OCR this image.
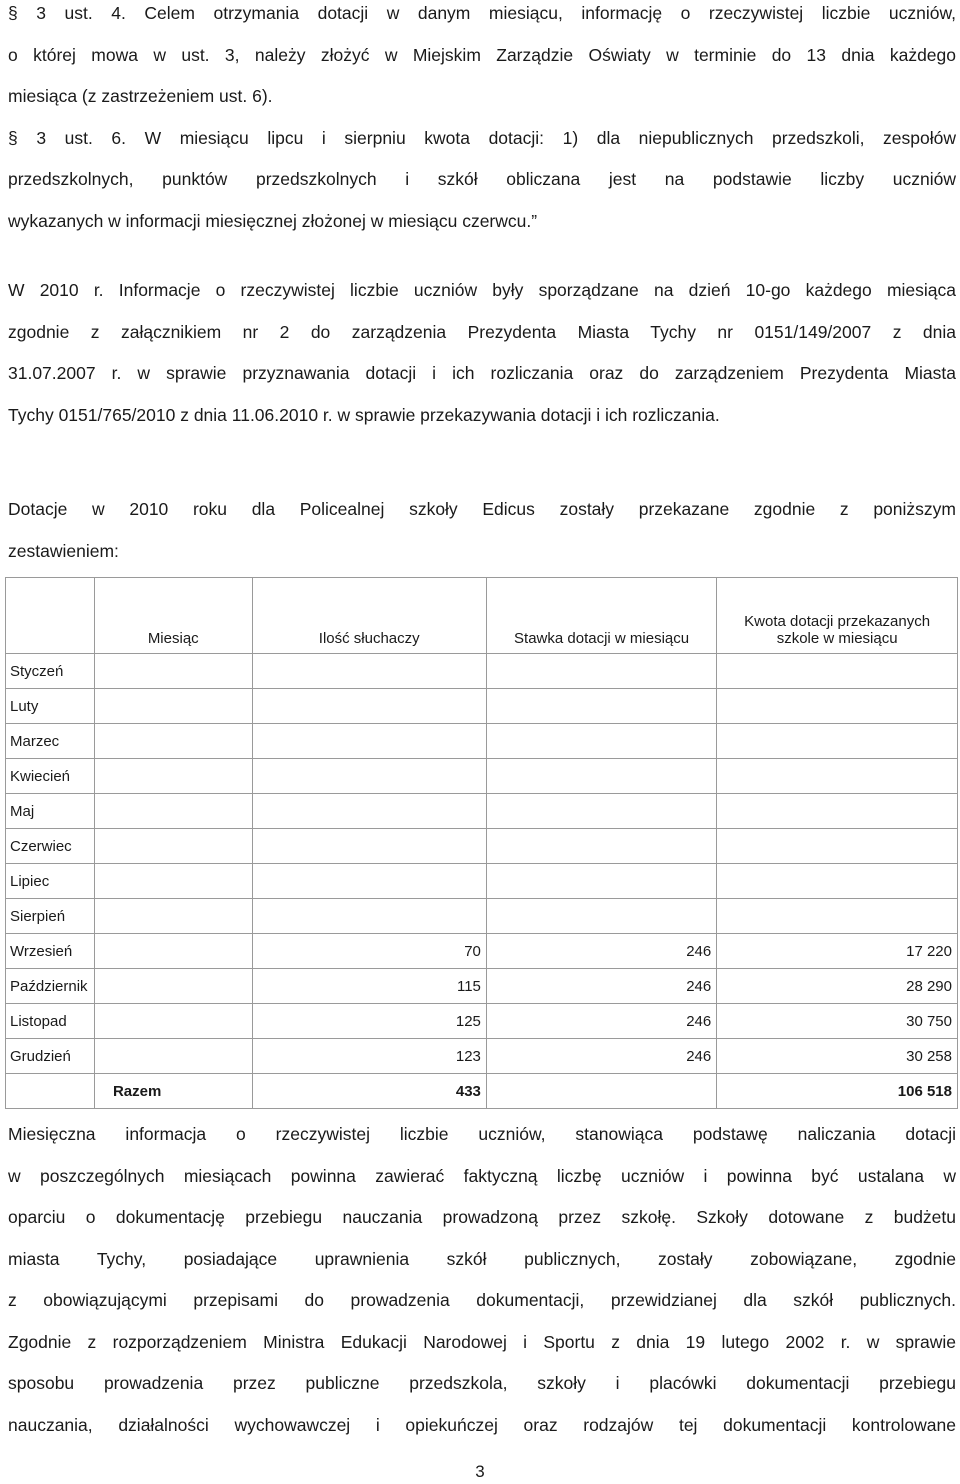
§ 3 ust. 4. Celem otrzymania dotacji w danym miesiącu, informację o rzeczywistej liczbie uczniów,
o której mowa w ust. 3, należy złożyć w Miejskim Zarządzie Oświaty w terminie do 13 dnia każdego
miesiąca (z zastrzeżeniem ust. 6).
§ 3 ust. 6. W miesiącu lipcu i sierpniu kwota dotacji: 1) dla niepublicznych przedszkoli, zespołów
przedszkolnych, punktów przedszkolnych i szkół obliczana jest na podstawie liczby uczniów
wykazanych w informacji miesięcznej złożonej w miesiącu czerwcu.”
W 2010 r. Informacje o rzeczywistej liczbie uczniów były sporządzane na dzień 10-go każdego miesiąca
zgodnie z załącznikiem nr 2 do zarządzenia Prezydenta Miasta Tychy nr 0151/149/2007 z dnia
31.07.2007 r. w sprawie przyznawania dotacji i ich rozliczania oraz do zarządzeniem Prezydenta Miasta
Tychy 0151/765/2010 z dnia 11.06.2010 r. w sprawie przekazywania dotacji i ich rozliczania.
Dotacje w 2010 roku dla Policealnej szkoły Edicus zostały przekazane zgodnie z poniższym
zestawieniem:
	Miesiąc	Ilość słuchaczy	Stawka dotacji w miesiącu	Kwota dotacji przekazanych
szkole w miesiącu

Styczeń				
Luty				
Marzec				
Kwiecień				
Maj				
Czerwiec				
Lipiec				
Sierpień				
Wrzesień		70	246	17 220
Październik		115	246	28 290
Listopad		125	246	30 750
Grudzień		123	246	30 258
	Razem	433		106 518
Miesięczna informacja o rzeczywistej liczbie uczniów, stanowiąca podstawę naliczania dotacji
w poszczególnych miesiącach powinna zawierać faktyczną liczbę uczniów i powinna być ustalana w
oparciu o dokumentację przebiegu nauczania prowadzoną przez szkołę. Szkoły dotowane z budżetu
miasta Tychy, posiadające uprawnienia szkół publicznych, zostały zobowiązane, zgodnie
z obowiązującymi przepisami do prowadzenia dokumentacji, przewidzianej dla szkół publicznych.
Zgodnie z rozporządzeniem Ministra Edukacji Narodowej i Sportu z dnia 19 lutego 2002 r. w sprawie
sposobu prowadzenia przez publiczne przedszkola, szkoły i placówki dokumentacji przebiegu
nauczania, działalności wychowawczej i opiekuńczej oraz rodzajów tej dokumentacji kontrolowane
3
